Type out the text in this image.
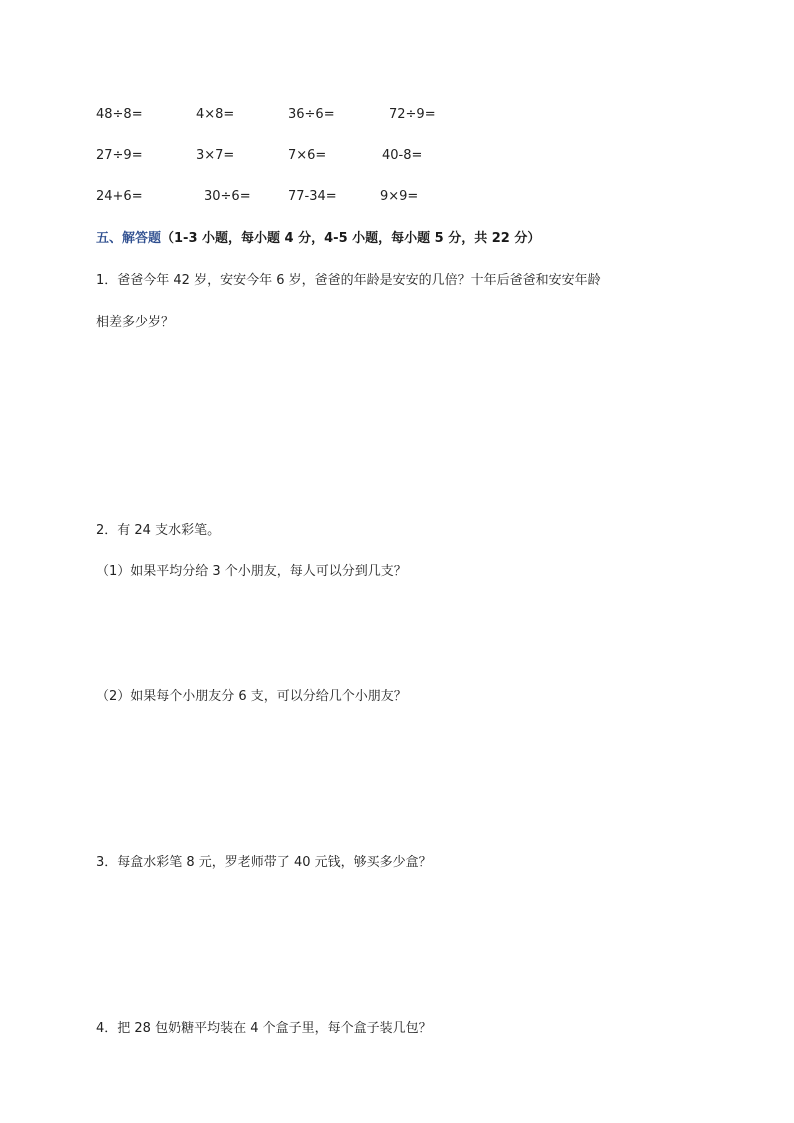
48÷8=	4×8=	36÷6=	72÷9=
27÷9=	3×7=	7×6=	40-8=
24+6=	30÷6=	77-34=	9×9=
五、解答题（1-3 小题，每小题 4 分，4-5 小题，每小题 5 分，共 22 分）
1．爸爸今年 42 岁，安安今年 6 岁，爸爸的年龄是安安的几倍？十年后爸爸和安安年龄
相差多少岁？
2．有 24 支水彩笔。
（1）如果平均分给 3 个小朋友，每人可以分到几支？
（2）如果每个小朋友分 6 支，可以分给几个小朋友？
3．每盒水彩笔 8 元，罗老师带了 40 元钱，够买多少盒？
4．把 28 包奶糖平均装在 4 个盒子里，每个盒子装几包？
